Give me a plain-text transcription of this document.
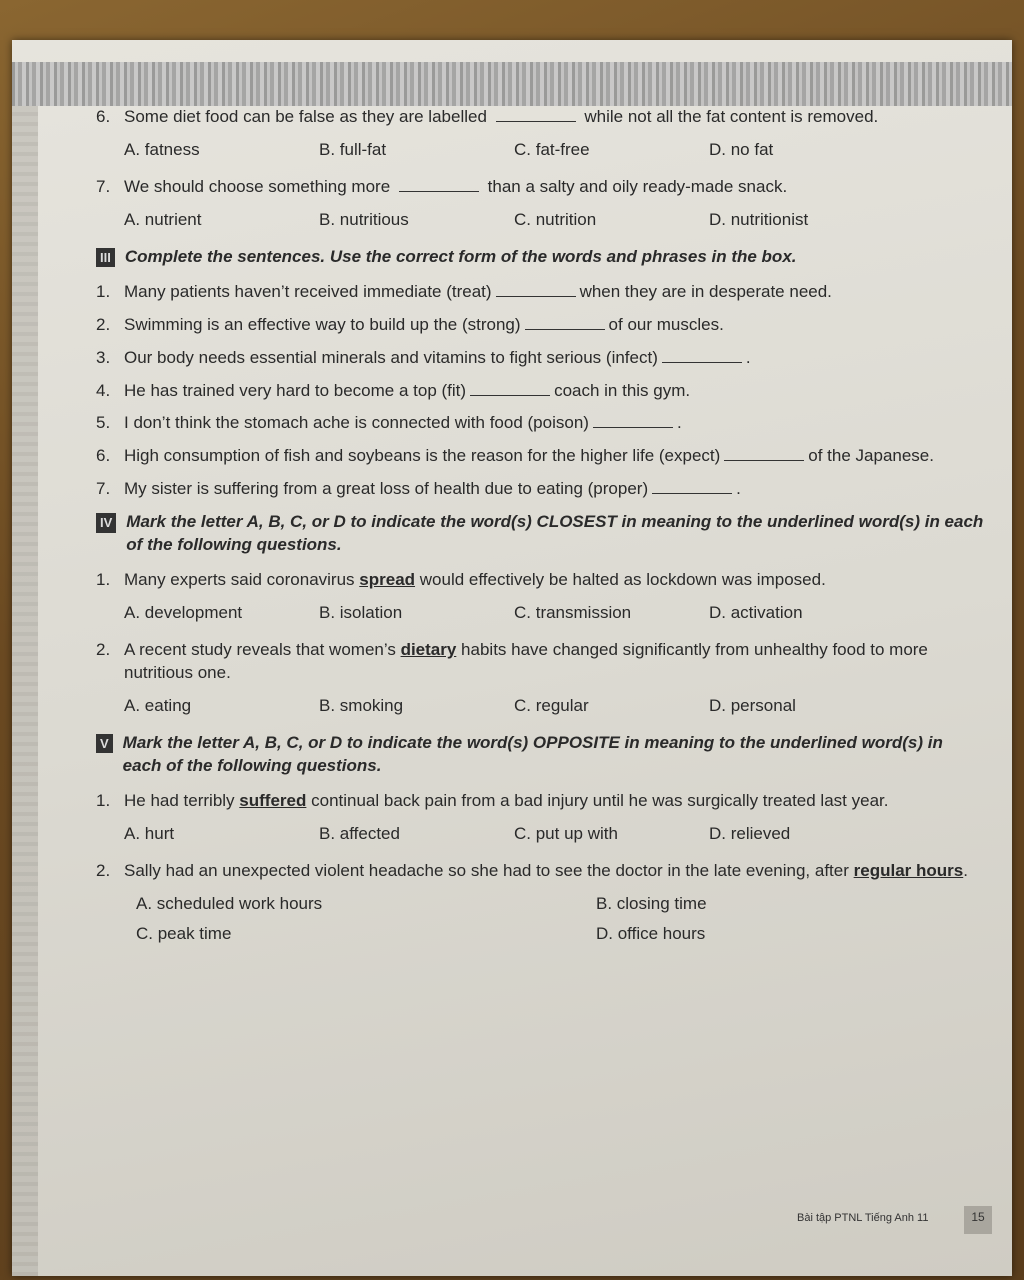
6. Some diet food can be false as they are labelled	while not all the fat content is removed.
A. fatness	B. full-fat	C. fat-free	D. no fat
7. We should choose something more	than a salty and oily ready-made snack.
A. nutrient	B. nutritious	C. nutrition	D. nutritionist
III Complete the sentences. Use the correct form of the words and phrases in the box.
1. Many patients haven’t received immediate (treat)	when they are in desperate need.
2. Swimming is an effective way to build up the (strong)	of our muscles.
3. Our body needs essential minerals and vitamins to fight serious (infect)	.
4. He has trained very hard to become a top (fit)	coach in this gym.
5. I don’t think the stomach ache is connected with food (poison)	.
6. High consumption of fish and soybeans is the reason for the higher life (expect)	of the Japanese.
7. My sister is suffering from a great loss of health due to eating (proper)	.
IV Mark the letter A, B, C, or D to indicate the word(s) CLOSEST in meaning to the underlined word(s) in each of the following questions.
1. Many experts said coronavirus spread would effectively be halted as lockdown was imposed.
A. development	B. isolation	C. transmission	D. activation
2. A recent study reveals that women’s dietary habits have changed significantly from unhealthy food to more nutritious one.
A. eating	B. smoking	C. regular	D. personal
V Mark the letter A, B, C, or D to indicate the word(s) OPPOSITE in meaning to the underlined word(s) in each of the following questions.
1. He had terribly suffered continual back pain from a bad injury until he was surgically treated last year.
A. hurt	B. affected	C. put up with	D. relieved
2. Sally had an unexpected violent headache so she had to see the doctor in the late evening, after regular hours.
A. scheduled work hours	B. closing time
C. peak time	D. office hours
Bài tập PTNL Tiếng Anh 11	15
